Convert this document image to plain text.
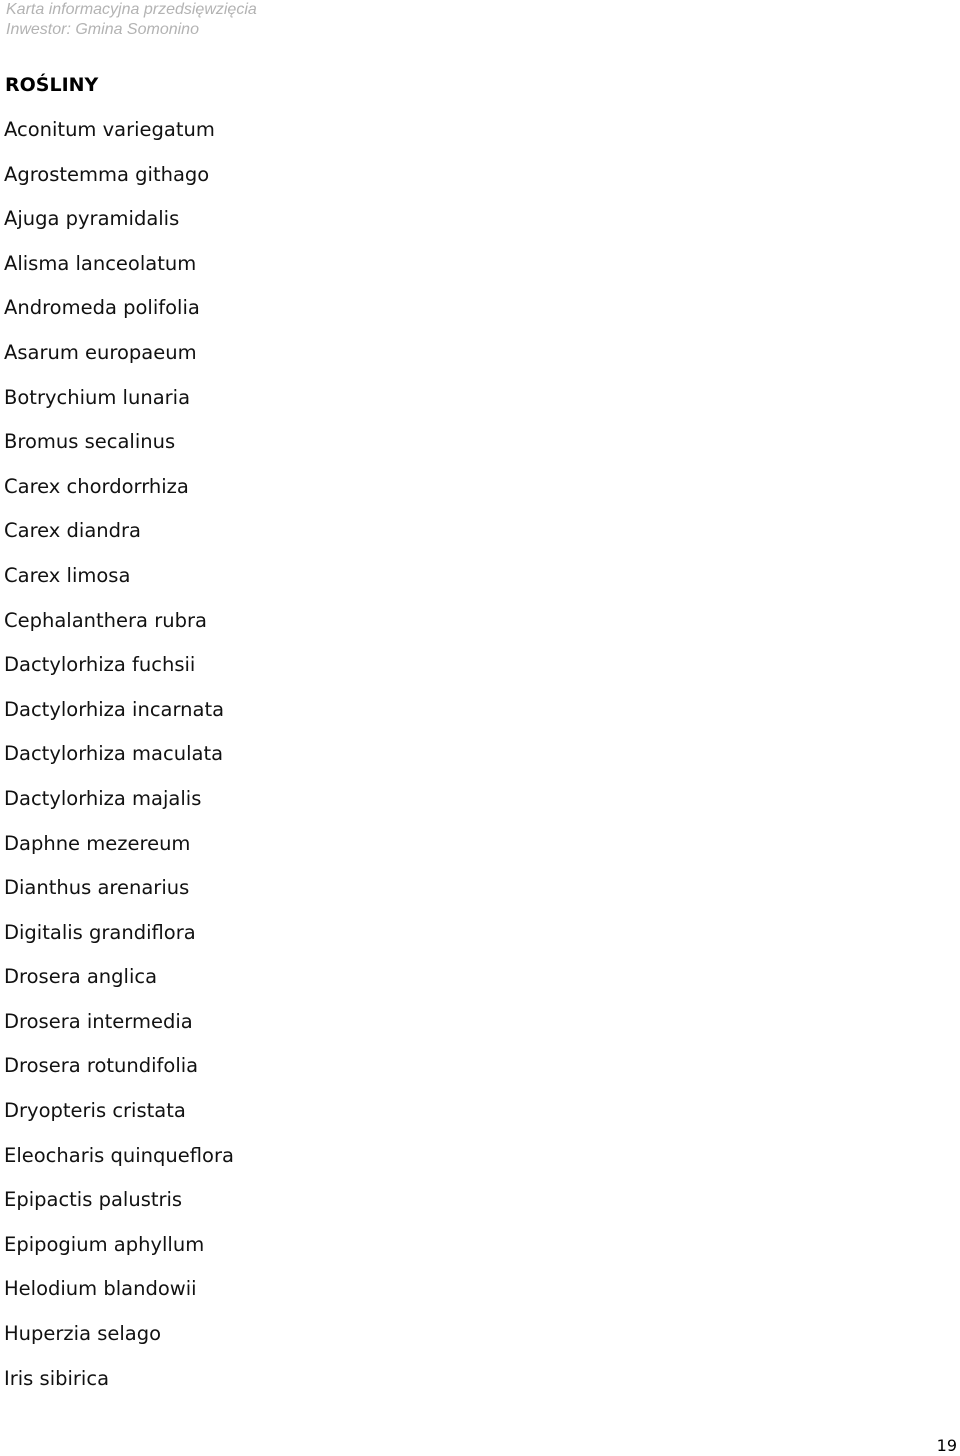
Karta informacyjna przedsięwzięcia
Inwestor: Gmina Somonino
ROŚLINY
Aconitum variegatum
Agrostemma githago
Ajuga pyramidalis
Alisma lanceolatum
Andromeda polifolia
Asarum europaeum
Botrychium lunaria
Bromus secalinus
Carex chordorrhiza
Carex diandra
Carex limosa
Cephalanthera rubra
Dactylorhiza fuchsii
Dactylorhiza incarnata
Dactylorhiza maculata
Dactylorhiza majalis
Daphne mezereum
Dianthus arenarius
Digitalis grandiflora
Drosera anglica
Drosera intermedia
Drosera rotundifolia
Dryopteris cristata
Eleocharis quinqueflora
Epipactis palustris
Epipogium aphyllum
Helodium blandowii
Huperzia selago
Iris sibirica
19
